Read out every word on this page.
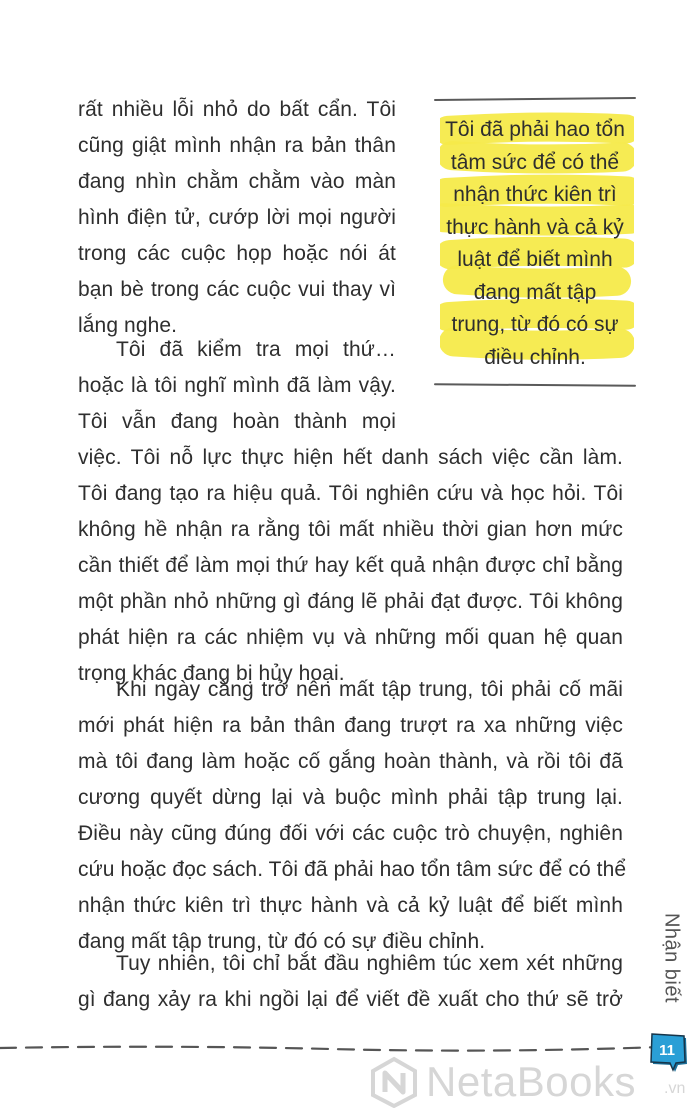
rất nhiều lỗi nhỏ do bất cẩn. Tôi
cũng giật mình nhận ra bản thân
đang nhìn chằm chằm vào màn
hình điện tử, cướp lời mọi người
trong các cuộc họp hoặc nói át
bạn bè trong các cuộc vui thay vì
lắng nghe.
Tôi đã kiểm tra mọi thứ…
hoặc là tôi nghĩ mình đã làm vậy.
Tôi vẫn đang hoàn thành mọi
việc. Tôi nỗ lực thực hiện hết danh sách việc cần làm.
Tôi đang tạo ra hiệu quả. Tôi nghiên cứu và học hỏi. Tôi
không hề nhận ra rằng tôi mất nhiều thời gian hơn mức
cần thiết để làm mọi thứ hay kết quả nhận được chỉ bằng
một phần nhỏ những gì đáng lẽ phải đạt được. Tôi không
phát hiện ra các nhiệm vụ và những mối quan hệ quan
trọng khác đang bị hủy hoại.
Khi ngày càng trở nên mất tập trung, tôi phải cố mãi
mới phát hiện ra bản thân đang trượt ra xa những việc
mà tôi đang làm hoặc cố gắng hoàn thành, và rồi tôi đã
cương quyết dừng lại và buộc mình phải tập trung lại.
Điều này cũng đúng đối với các cuộc trò chuyện, nghiên
cứu hoặc đọc sách. Tôi đã phải hao tổn tâm sức để có thể
nhận thức kiên trì thực hành và cả kỷ luật để biết mình
đang mất tập trung, từ đó có sự điều chỉnh.
Tuy nhiên, tôi chỉ bắt đầu nghiêm túc xem xét những
gì đang xảy ra khi ngồi lại để viết đề xuất cho thứ sẽ trở
Tôi đã phải hao tổn
tâm sức để có thể
nhận thức kiên trì
thực hành và cả kỷ
luật để biết mình
đang mất tập
trung, từ đó có sự
điều chỉnh.
Nhận biết
11
NetaBooks .vn
